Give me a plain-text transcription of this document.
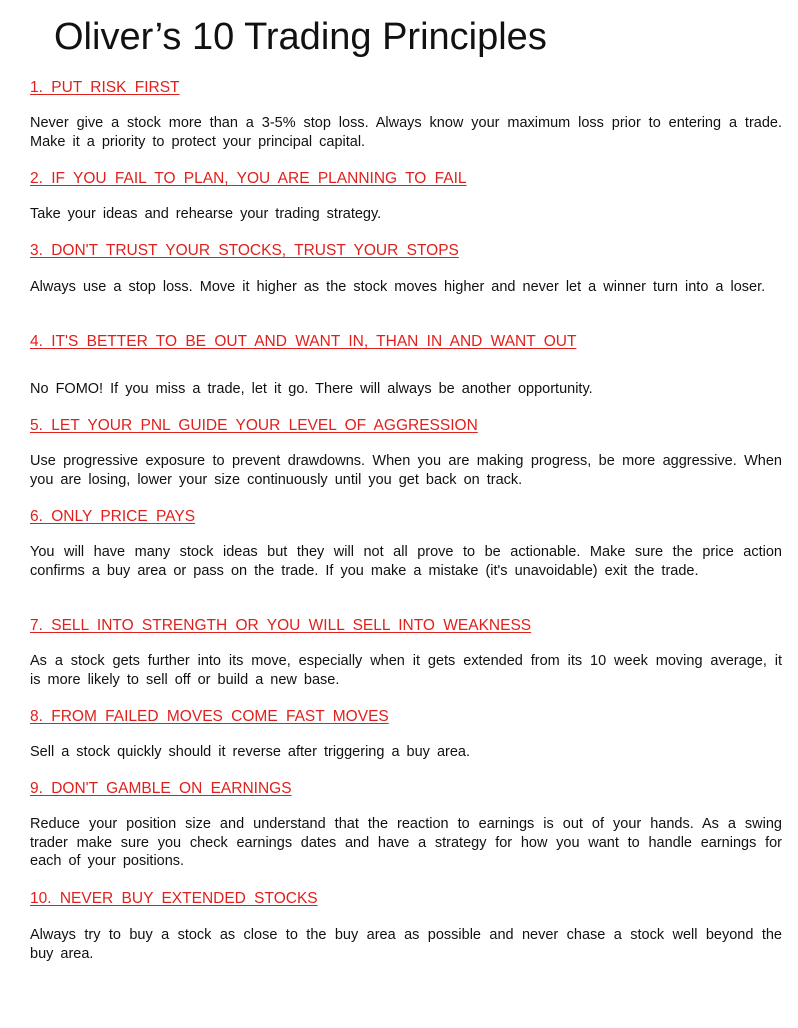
Oliver’s 10 Trading Principles
1. PUT RISK FIRST

Never give a stock more than a 3-5% stop loss. Always know your maximum loss prior to entering a trade. Make it a priority to protect your principal capital.

2. IF YOU FAIL TO PLAN, YOU ARE PLANNING TO FAIL

Take your ideas and rehearse your trading strategy.

3. DON'T TRUST YOUR STOCKS, TRUST YOUR STOPS

Always use a stop loss. Move it higher as the stock moves higher and never let a winner turn into a loser.

4. IT'S BETTER TO BE OUT AND WANT IN, THAN IN AND WANT OUT

No FOMO! If you miss a trade, let it go. There will always be another opportunity.

5. LET YOUR PNL GUIDE YOUR LEVEL OF AGGRESSION

Use progressive exposure to prevent drawdowns. When you are making progress, be more aggressive. When you are losing, lower your size continuously until you get back on track.

6. ONLY PRICE PAYS

You will have many stock ideas but they will not all prove to be actionable. Make sure the price action confirms a buy area or pass on the trade. If you make a mistake (it's unavoidable) exit the trade.

7. SELL INTO STRENGTH OR YOU WILL SELL INTO WEAKNESS

As a stock gets further into its move, especially when it gets extended from its 10 week moving average, it is more likely to sell off or build a new base.

8. FROM FAILED MOVES COME FAST MOVES

Sell a stock quickly should it reverse after triggering a buy area.

9. DON'T GAMBLE ON EARNINGS

Reduce your position size and understand that the reaction to earnings is out of your hands. As a swing trader make sure you check earnings dates and have a strategy for how you want to handle earnings for each of your positions.

10. NEVER BUY EXTENDED STOCKS

Always try to buy a stock as close to the buy area as possible and never chase a stock well beyond the buy area.
